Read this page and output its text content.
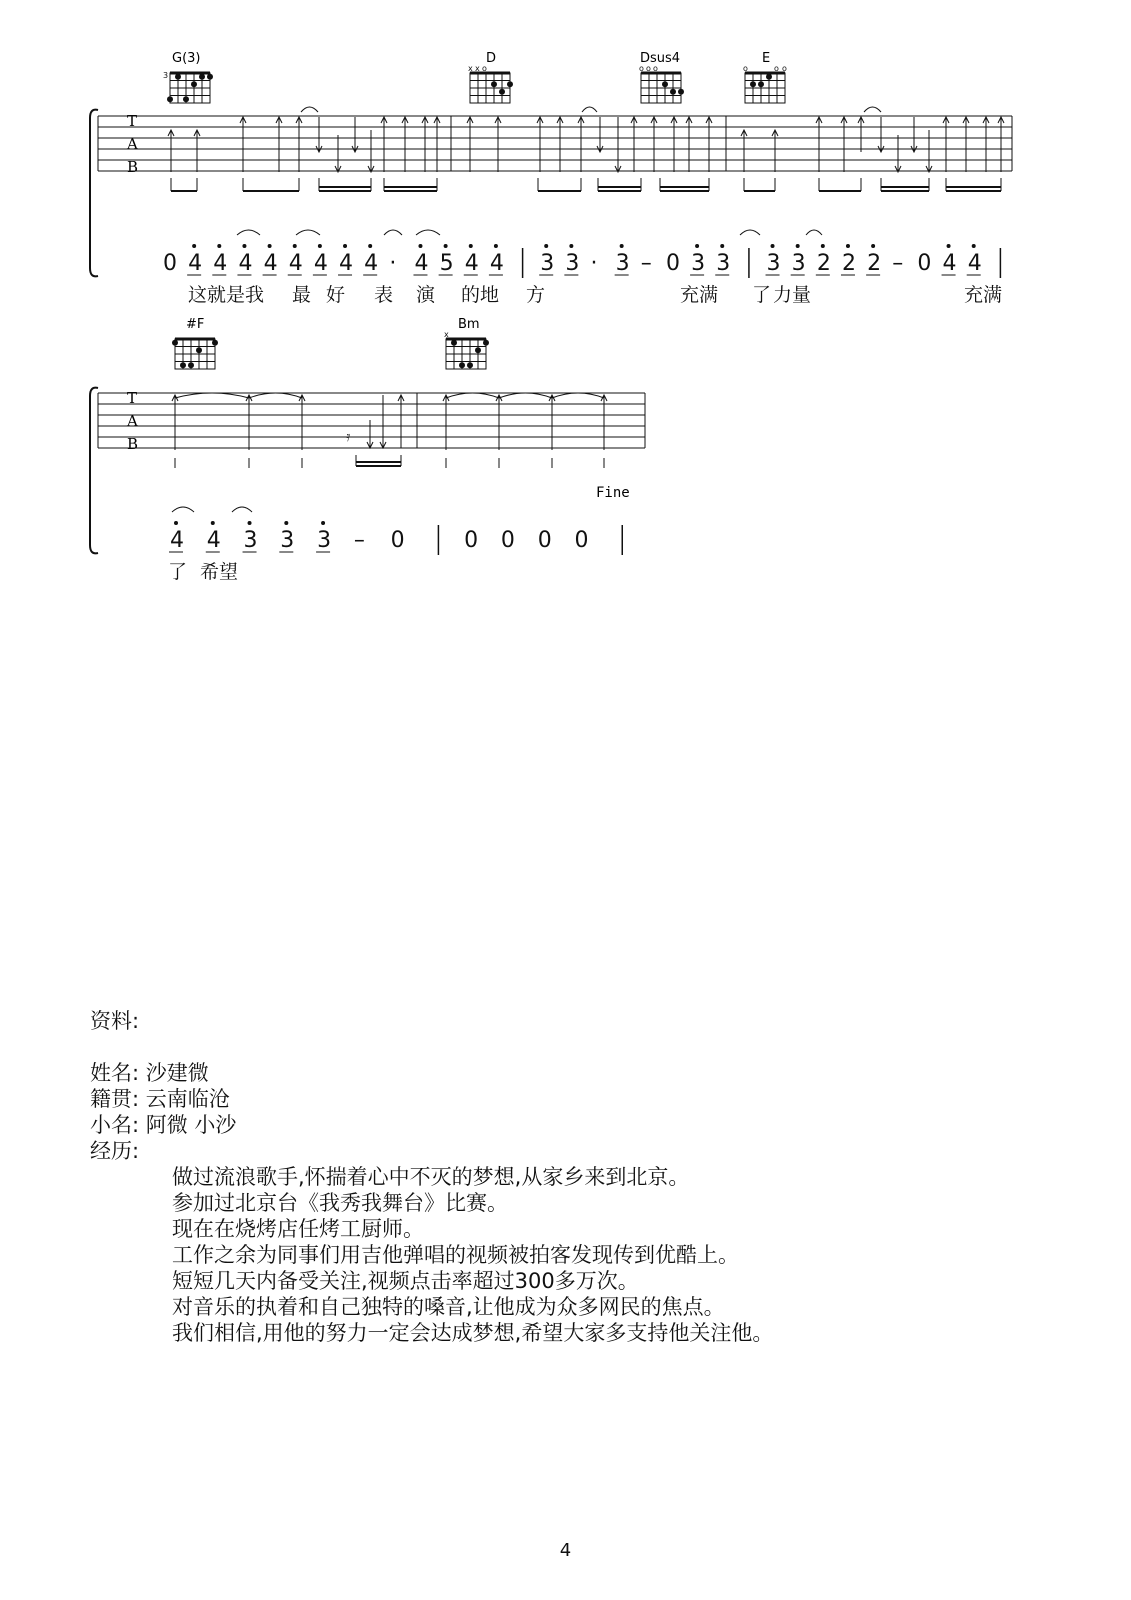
G(3)	D	Dsus4	E
#F	Bm
T
A
B
T
A
B
Fine
3
x x o	o o o	o	o o
x
0 4 4 4 4 4 4 4 4 · 4 5 4 4 3 3 · 3 – 0 3 3 3 3 2 2 2 – 0 4 4
4 4 3 3 3 – 0	0 0 0 0
这就是我 最 好 表 演 的地 方	充满 了 力量	充满
了 希望
𝄿
资料:
姓名: 沙建微
籍贯: 云南临沧
小名: 阿微 小沙
经历:
做过流浪歌手,怀揣着心中不灭的梦想,从家乡来到北京。
参加过北京台《我秀我舞台》比赛。
现在在烧烤店任烤工厨师。
工作之余为同事们用吉他弹唱的视频被拍客发现传到优酷上。
短短几天内备受关注,视频点击率超过300多万次。
对音乐的执着和自己独特的嗓音,让他成为众多网民的焦点。
我们相信,用他的努力一定会达成梦想,希望大家多支持他关注他。
4
